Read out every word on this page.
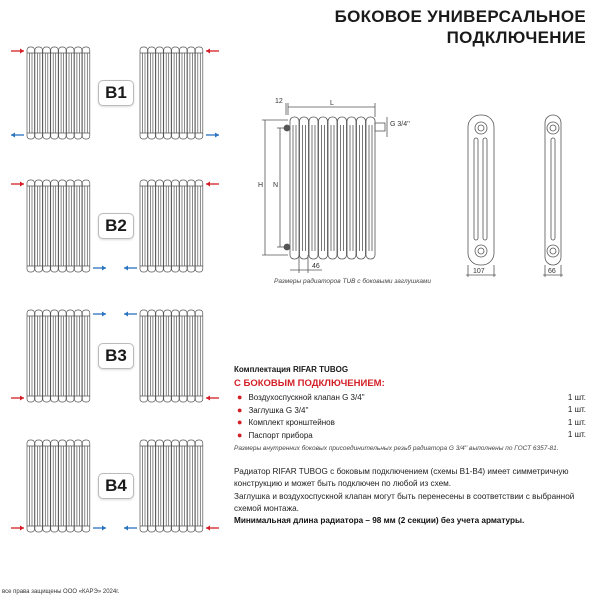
БОКОВОЕ УНИВЕРСАЛЬНОЕ
ПОДКЛЮЧЕНИЕ
B1
B2
B3
B4
12	L
G 3/4''
H N
46
107	66
Размеры радиаторов TUB с боковыми заглушками
Комплектация RIFAR TUBOG
С БОКОВЫМ ПОДКЛЮЧЕНИЕМ:
● Воздухоспускной клапан G 3/4''	1 шт.
● Заглушка G 3/4''	1 шт.
● Комплект кронштейнов	1 шт.
● Паспорт прибора	1 шт.
Размеры внутренних боковых присоединительных резьб радиатора G 3/4'' выполнены по ГОСТ 6357-81.
Радиатор RIFAR TUBOG с боковым подключением (схемы B1-B4) имеет симметричную конструкцию и может быть подключен по любой из схем.
Заглушка и воздухоспускной клапан могут быть перенесены в соответствии с выбранной схемой монтажа.
Минимальная длина радиатора – 98 мм (2 секции) без учета арматуры.
все права защищены ООО «КАРЭ» 2024г.
